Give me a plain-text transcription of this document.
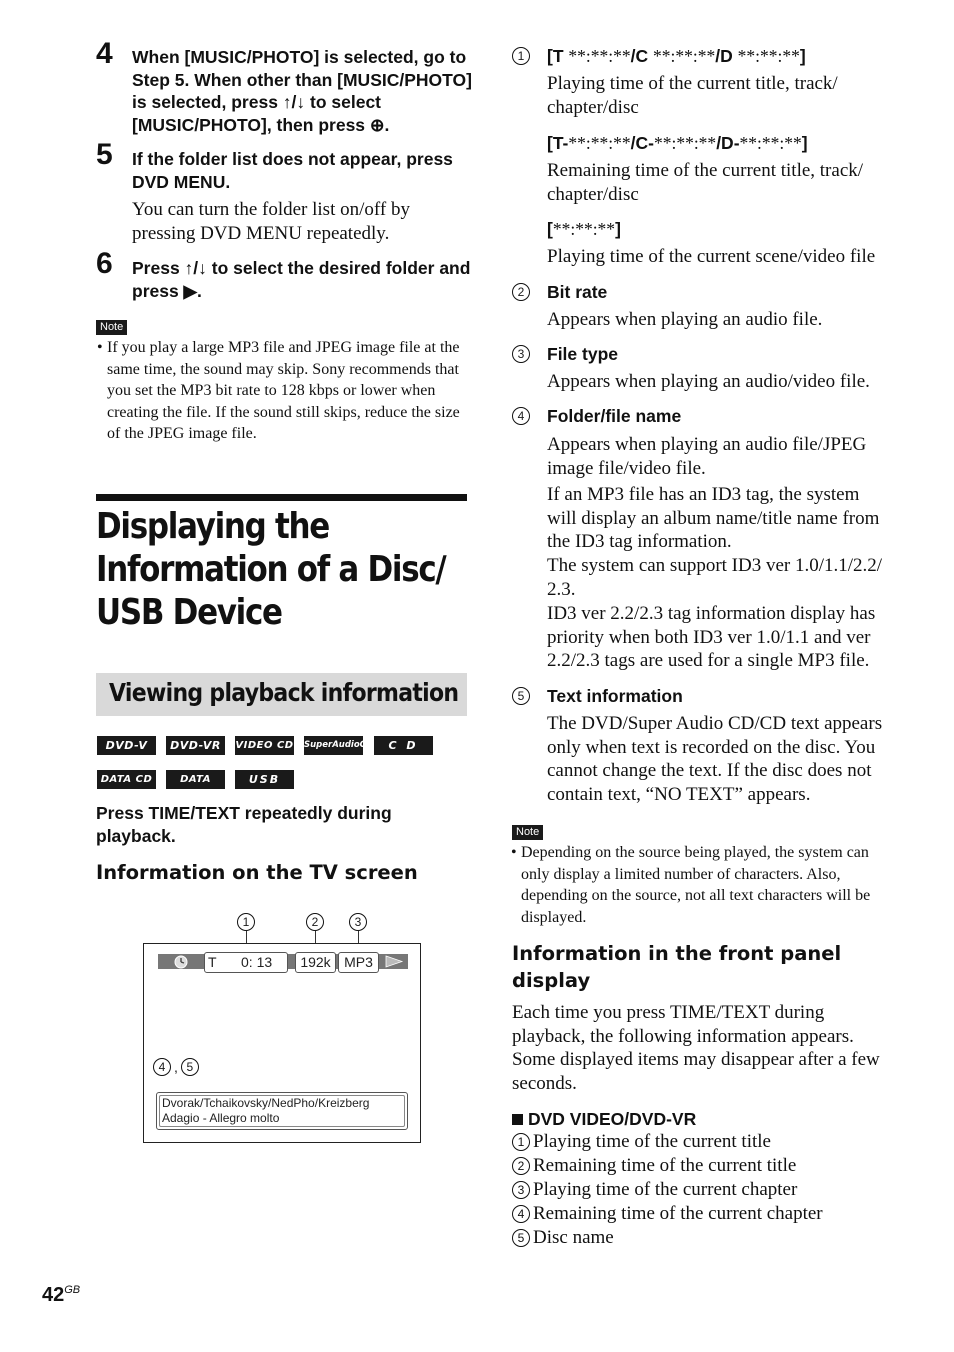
4 When [MUSIC/PHOTO] is selected, go to Step 5. When other than [MUSIC/PHOTO] is selected, press ↑/↓ to select [MUSIC/PHOTO], then press ⊕.
5 If the folder list does not appear, press DVD MENU.
You can turn the folder list on/off by pressing DVD MENU repeatedly.
6 Press ↑/↓ to select the desired folder and press ▶.
Note
• If you play a large MP3 file and JPEG image file at the same time, the sound may skip. Sony recommends that you set the MP3 bit rate to 128 kbps or lower when creating the file. If the sound still skips, reduce the size of the JPEG image file.
Displaying the Information of a Disc/ USB Device
Viewing playback information
DVD-V	DVD-VR	VIDEO CD SuperAudioCD	C D
DATA CD	DATA DVD
USB
Press TIME/TEXT repeatedly during playback.
Information on the TV screen
1	2	3
T 0: 13	192k MP3
4 , 5
Dvorak/Tchaikovsky/NedPho/Kreizberg
Adagio - Allegro molto
1	[T **:**:**/C **:**:**/D **:**:**]
Playing time of the current title, track/ chapter/disc
[T-**:**:**/C-**:**:**/D-**:**:**]
Remaining time of the current title, track/ chapter/disc
[**:**:**]
Playing time of the current scene/video file
2	Bit rate
Appears when playing an audio file.
3	File type
Appears when playing an audio/video file.
4	Folder/file name
Appears when playing an audio file/JPEG image file/video file.
If an MP3 file has an ID3 tag, the system will display an album name/title name from the ID3 tag information.
The system can support ID3 ver 1.0/1.1/2.2/ 2.3.
ID3 ver 2.2/2.3 tag information display has priority when both ID3 ver 1.0/1.1 and ver 2.2/2.3 tags are used for a single MP3 file.
5	Text information
The DVD/Super Audio CD/CD text appears only when text is recorded on the disc. You cannot change the text. If the disc does not contain text, “NO TEXT” appears.
Note
• Depending on the source being played, the system can only display a limited number of characters. Also, depending on the source, not all text characters will be displayed.
Information in the front panel display
Each time you press TIME/TEXT during playback, the following information appears. Some displayed items may disappear after a few seconds.
DVD VIDEO/DVD-VR
1 Playing time of the current title
2 Remaining time of the current title
3 Playing time of the current chapter
4 Remaining time of the current chapter
5 Disc name
$42^{GB}$
